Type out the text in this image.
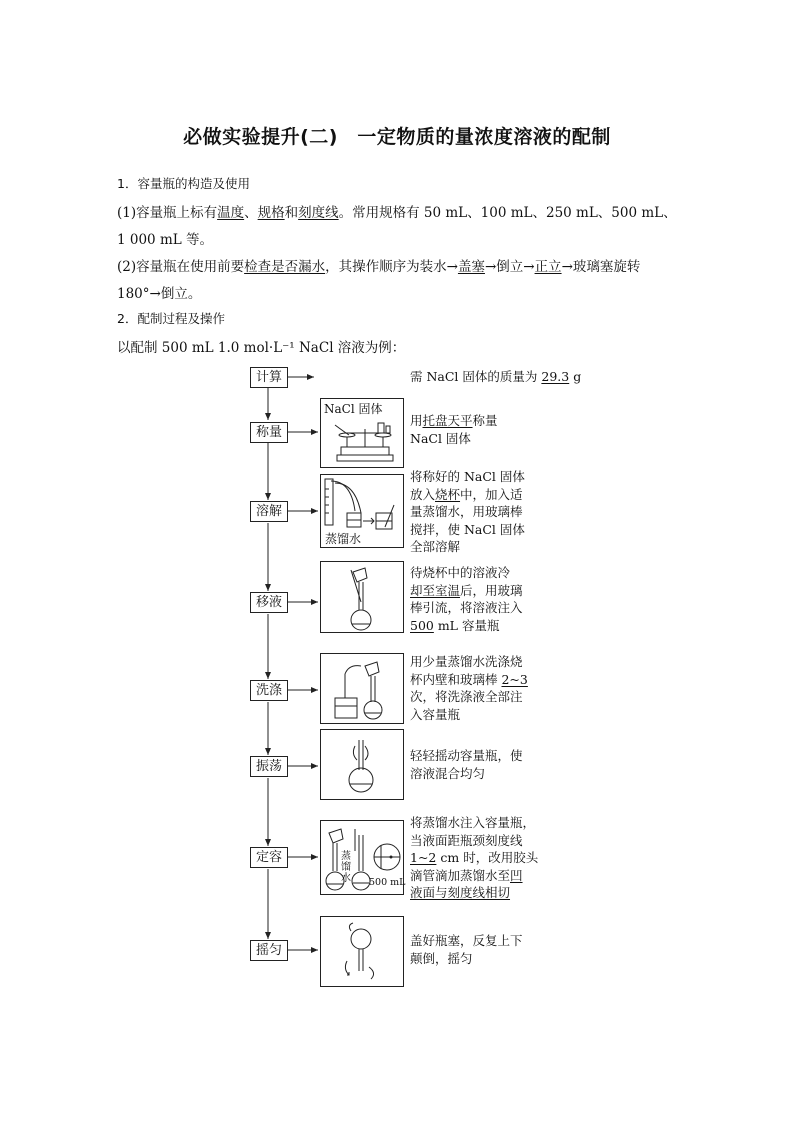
必做实验提升(二)　一定物质的量浓度溶液的配制
1．容量瓶的构造及使用
(1)容量瓶上标有温度、规格和刻度线。常用规格有 50 mL、100 mL、250 mL、500 mL、
1 000 mL 等。
(2)容量瓶在使用前要检查是否漏水，其操作顺序为装水→盖塞→倒立→正立→玻璃塞旋转
180°→倒立。
2．配制过程及操作
以配制 500 mL 1.0 mol·L⁻¹ NaCl 溶液为例：
计算	需 NaCl 固体的质量为 29.3 g
称量
NaCl 固体
用托盘天平称量
NaCl 固体
溶解
蒸馏水
将称好的 NaCl 固体
放入烧杯中，加入适
量蒸馏水，用玻璃棒
搅拌，使 NaCl 固体
全部溶解
移液
待烧杯中的溶液冷
却至室温后，用玻璃
棒引流，将溶液注入
500 mL 容量瓶
洗涤
用少量蒸馏水洗涤烧
杯内壁和玻璃棒 2~3
次，将洗涤液全部注
入容量瓶
振荡
轻轻摇动容量瓶，使
溶液混合均匀
定容	蒸馏水 500 mL
将蒸馏水注入容量瓶，
当液面距瓶颈刻度线
1~2 cm 时，改用胶头
滴管滴加蒸馏水至凹
液面与刻度线相切
摇匀
盖好瓶塞，反复上下
颠倒，摇匀
